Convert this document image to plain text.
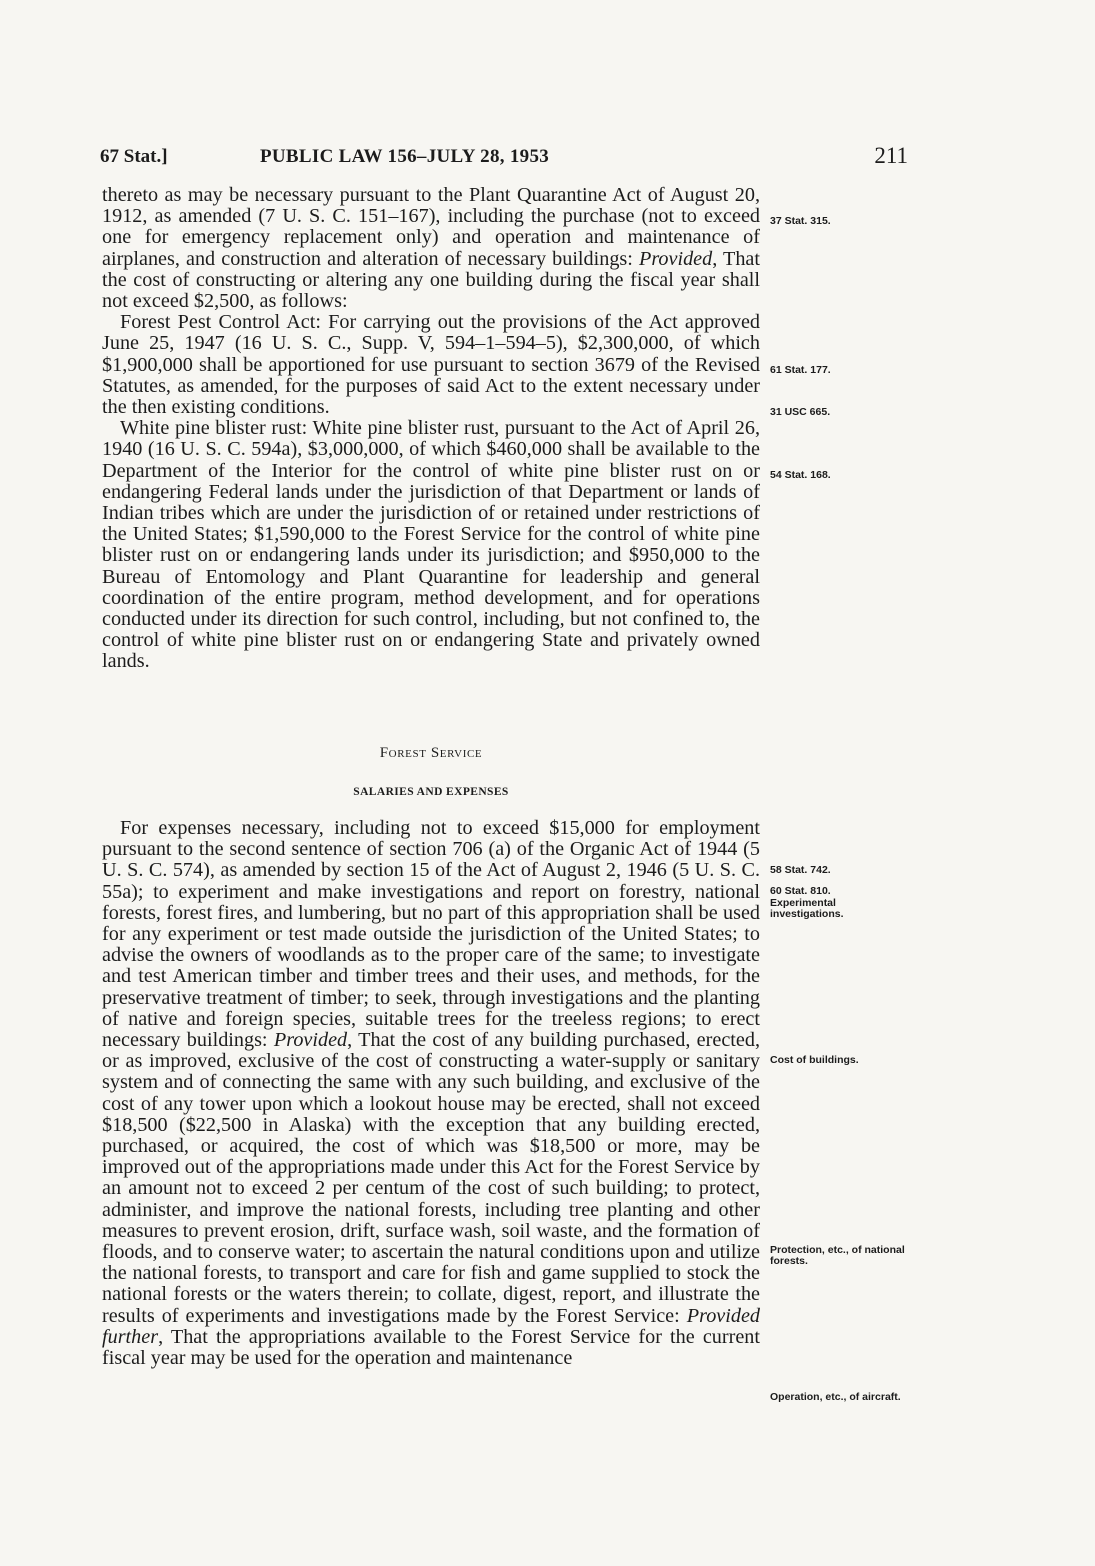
67 Stat.]	PUBLIC LAW 156–JULY 28, 1953	211

thereto as may be necessary pursuant to the Plant Quarantine Act of August 20, 1912, as amended (7 U. S. C. 151–167), including the purchase (not to exceed one for emergency replacement only) and operation and maintenance of airplanes, and construction and alteration of necessary buildings: Provided, That the cost of constructing or altering any one building during the fiscal year shall not exceed $2,500, as follows:

Forest Pest Control Act: For carrying out the provisions of the Act approved June 25, 1947 (16 U. S. C., Supp. V, 594–1–594–5), $2,300,000, of which $1,900,000 shall be apportioned for use pursuant to section 3679 of the Revised Statutes, as amended, for the purposes of said Act to the extent necessary under the then existing conditions.

White pine blister rust: White pine blister rust, pursuant to the Act of April 26, 1940 (16 U. S. C. 594a), $3,000,000, of which $460,000 shall be available to the Department of the Interior for the control of white pine blister rust on or endangering Federal lands under the jurisdiction of that Department or lands of Indian tribes which are under the jurisdiction of or retained under restrictions of the United States; $1,590,000 to the Forest Service for the control of white pine blister rust on or endangering lands under its jurisdiction; and $950,000 to the Bureau of Entomology and Plant Quarantine for leadership and general coordination of the entire program, method development, and for operations conducted under its direction for such control, including, but not confined to, the control of white pine blister rust on or endangering State and privately owned lands.

Forest Service
SALARIES AND EXPENSES

For expenses necessary, including not to exceed $15,000 for employment pursuant to the second sentence of section 706 (a) of the Organic Act of 1944 (5 U. S. C. 574), as amended by section 15 of the Act of August 2, 1946 (5 U. S. C. 55a); to experiment and make investigations and report on forestry, national forests, forest fires, and lumbering, but no part of this appropriation shall be used for any experiment or test made outside the jurisdiction of the United States; to advise the owners of woodlands as to the proper care of the same; to investigate and test American timber and timber trees and their uses, and methods, for the preservative treatment of timber; to seek, through investigations and the planting of native and foreign species, suitable trees for the treeless regions; to erect necessary buildings: Provided, That the cost of any building purchased, erected, or as improved, exclusive of the cost of constructing a water-supply or sanitary system and of connecting the same with any such building, and exclusive of the cost of any tower upon which a lookout house may be erected, shall not exceed $18,500 ($22,500 in Alaska) with the exception that any building erected, purchased, or acquired, the cost of which was $18,500 or more, may be improved out of the appropriations made under this Act for the Forest Service by an amount not to exceed 2 per centum of the cost of such building; to protect, administer, and improve the national forests, including tree planting and other measures to prevent erosion, drift, surface wash, soil waste, and the formation of floods, and to conserve water; to ascertain the natural conditions upon and utilize the national forests, to transport and care for fish and game supplied to stock the national forests or the waters therein; to collate, digest, report, and illustrate the results of experiments and investigations made by the Forest Service: Provided further, That the appropriations available to the Forest Service for the current fiscal year may be used for the operation and maintenance

37 Stat. 315.
61 Stat. 177.
31 USC 665.
54 Stat. 168.
58 Stat. 742.
60 Stat. 810.
Experimental investigations.
Cost of buildings.
Protection, etc., of national forests.
Operation, etc., of aircraft.
